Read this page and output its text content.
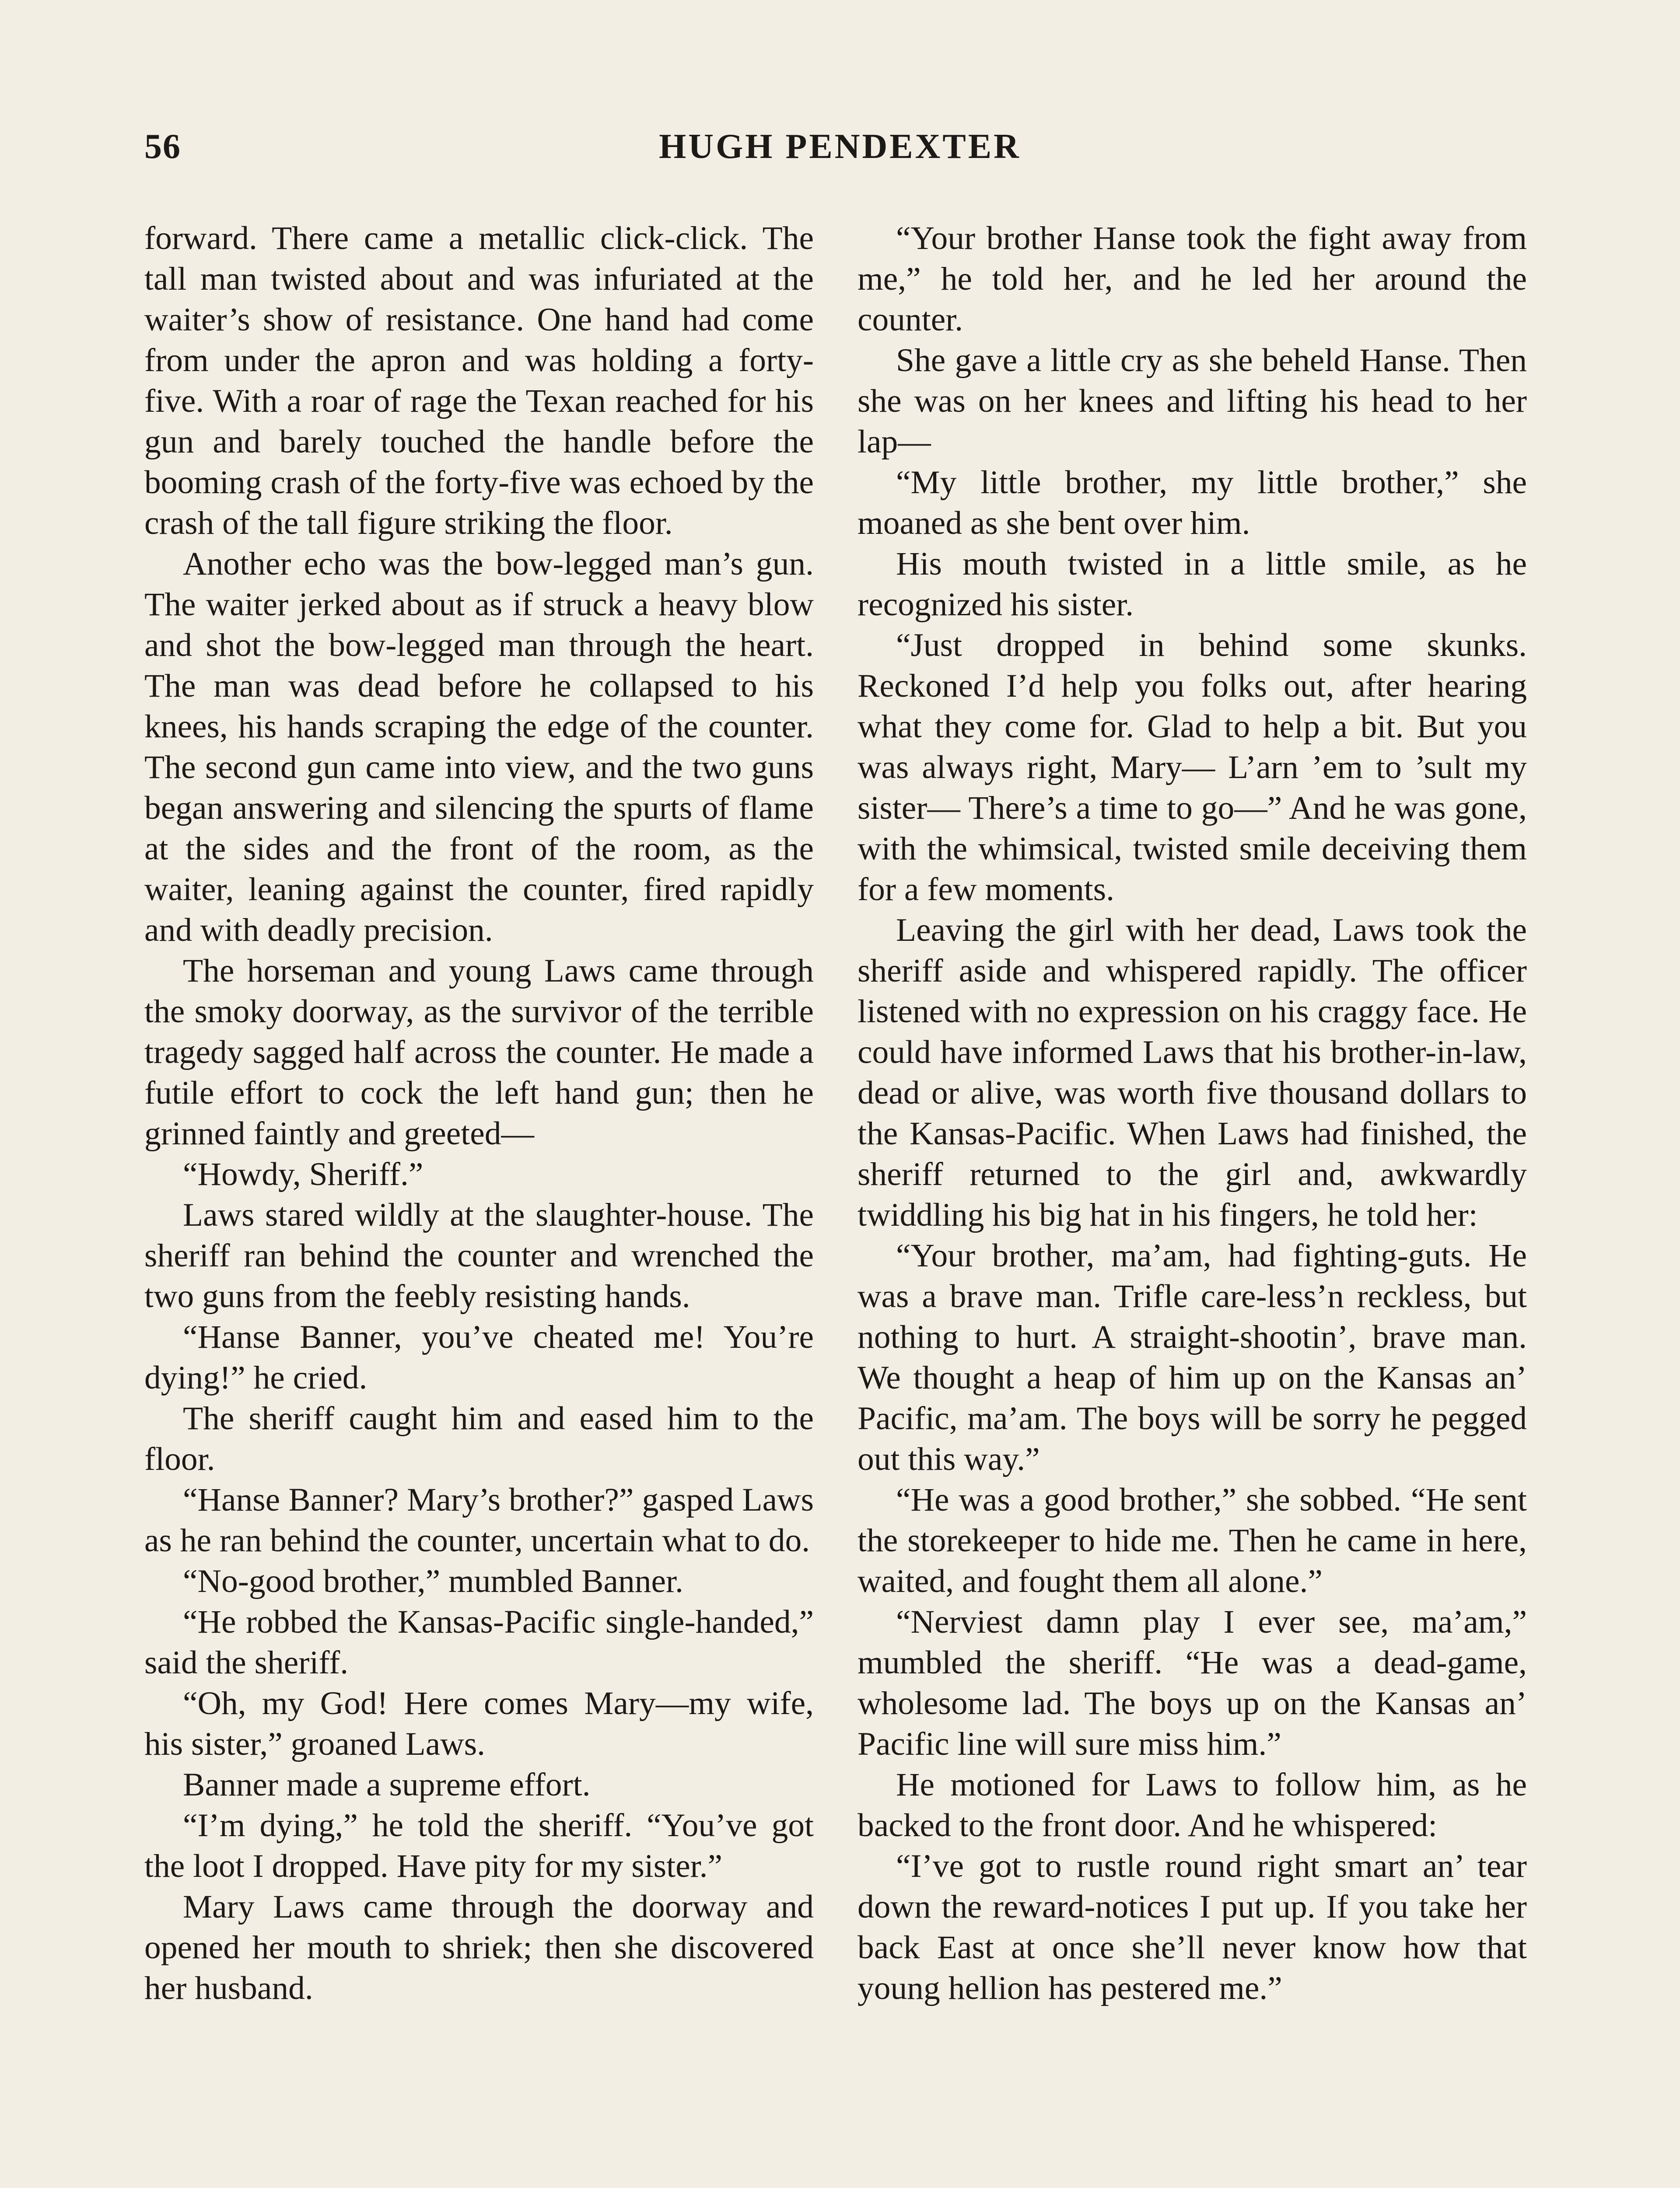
56	HUGH PENDEXTER

forward. There came a metallic click-click. The tall man twisted about and was infuriated at the waiter’s show of resistance. One hand had come from under the apron and was holding a forty-five. With a roar of rage the Texan reached for his gun and barely touched the handle before the booming crash of the forty-five was echoed by the crash of the tall figure striking the floor.

Another echo was the bow-legged man’s gun. The waiter jerked about as if struck a heavy blow and shot the bow-legged man through the heart. The man was dead before he collapsed to his knees, his hands scraping the edge of the counter. The second gun came into view, and the two guns began answering and silencing the spurts of flame at the sides and the front of the room, as the waiter, leaning against the counter, fired rapidly and with deadly precision.

The horseman and young Laws came through the smoky doorway, as the survivor of the terrible tragedy sagged half across the counter. He made a futile effort to cock the left hand gun; then he grinned faintly and greeted—

“Howdy, Sheriff.”

Laws stared wildly at the slaughter-house. The sheriff ran behind the counter and wrenched the two guns from the feebly resisting hands.

“Hanse Banner, you’ve cheated me! You’re dying!” he cried.

The sheriff caught him and eased him to the floor.

“Hanse Banner? Mary’s brother?” gasped Laws as he ran behind the counter, uncertain what to do.

“No-good brother,” mumbled Banner.

“He robbed the Kansas-Pacific single-handed,” said the sheriff.

“Oh, my God! Here comes Mary—my wife, his sister,” groaned Laws.

Banner made a supreme effort.

“I’m dying,” he told the sheriff. “You’ve got the loot I dropped. Have pity for my sister.”

Mary Laws came through the doorway and opened her mouth to shriek; then she discovered her husband.

“Your brother Hanse took the fight away from me,” he told her, and he led her around the counter.

She gave a little cry as she beheld Hanse. Then she was on her knees and lifting his head to her lap—

“My little brother, my little brother,” she moaned as she bent over him.

His mouth twisted in a little smile, as he recognized his sister.

“Just dropped in behind some skunks. Reckoned I’d help you folks out, after hearing what they come for. Glad to help a bit. But you was always right, Mary— L’arn ’em to ’sult my sister— There’s a time to go—” And he was gone, with the whimsical, twisted smile deceiving them for a few moments.

Leaving the girl with her dead, Laws took the sheriff aside and whispered rapidly. The officer listened with no expression on his craggy face. He could have informed Laws that his brother-in-law, dead or alive, was worth five thousand dollars to the Kansas-Pacific. When Laws had finished, the sheriff returned to the girl and, awkwardly twiddling his big hat in his fingers, he told her:

“Your brother, ma’am, had fighting-guts. He was a brave man. Trifle care-less’n reckless, but nothing to hurt. A straight-shootin’, brave man. We thought a heap of him up on the Kansas an’ Pacific, ma’am. The boys will be sorry he pegged out this way.”

“He was a good brother,” she sobbed. “He sent the storekeeper to hide me. Then he came in here, waited, and fought them all alone.”

“Nerviest damn play I ever see, ma’am,” mumbled the sheriff. “He was a dead-game, wholesome lad. The boys up on the Kansas an’ Pacific line will sure miss him.”

He motioned for Laws to follow him, as he backed to the front door. And he whispered:

“I’ve got to rustle round right smart an’ tear down the reward-notices I put up. If you take her back East at once she’ll never know how that young hellion has pestered me.”
